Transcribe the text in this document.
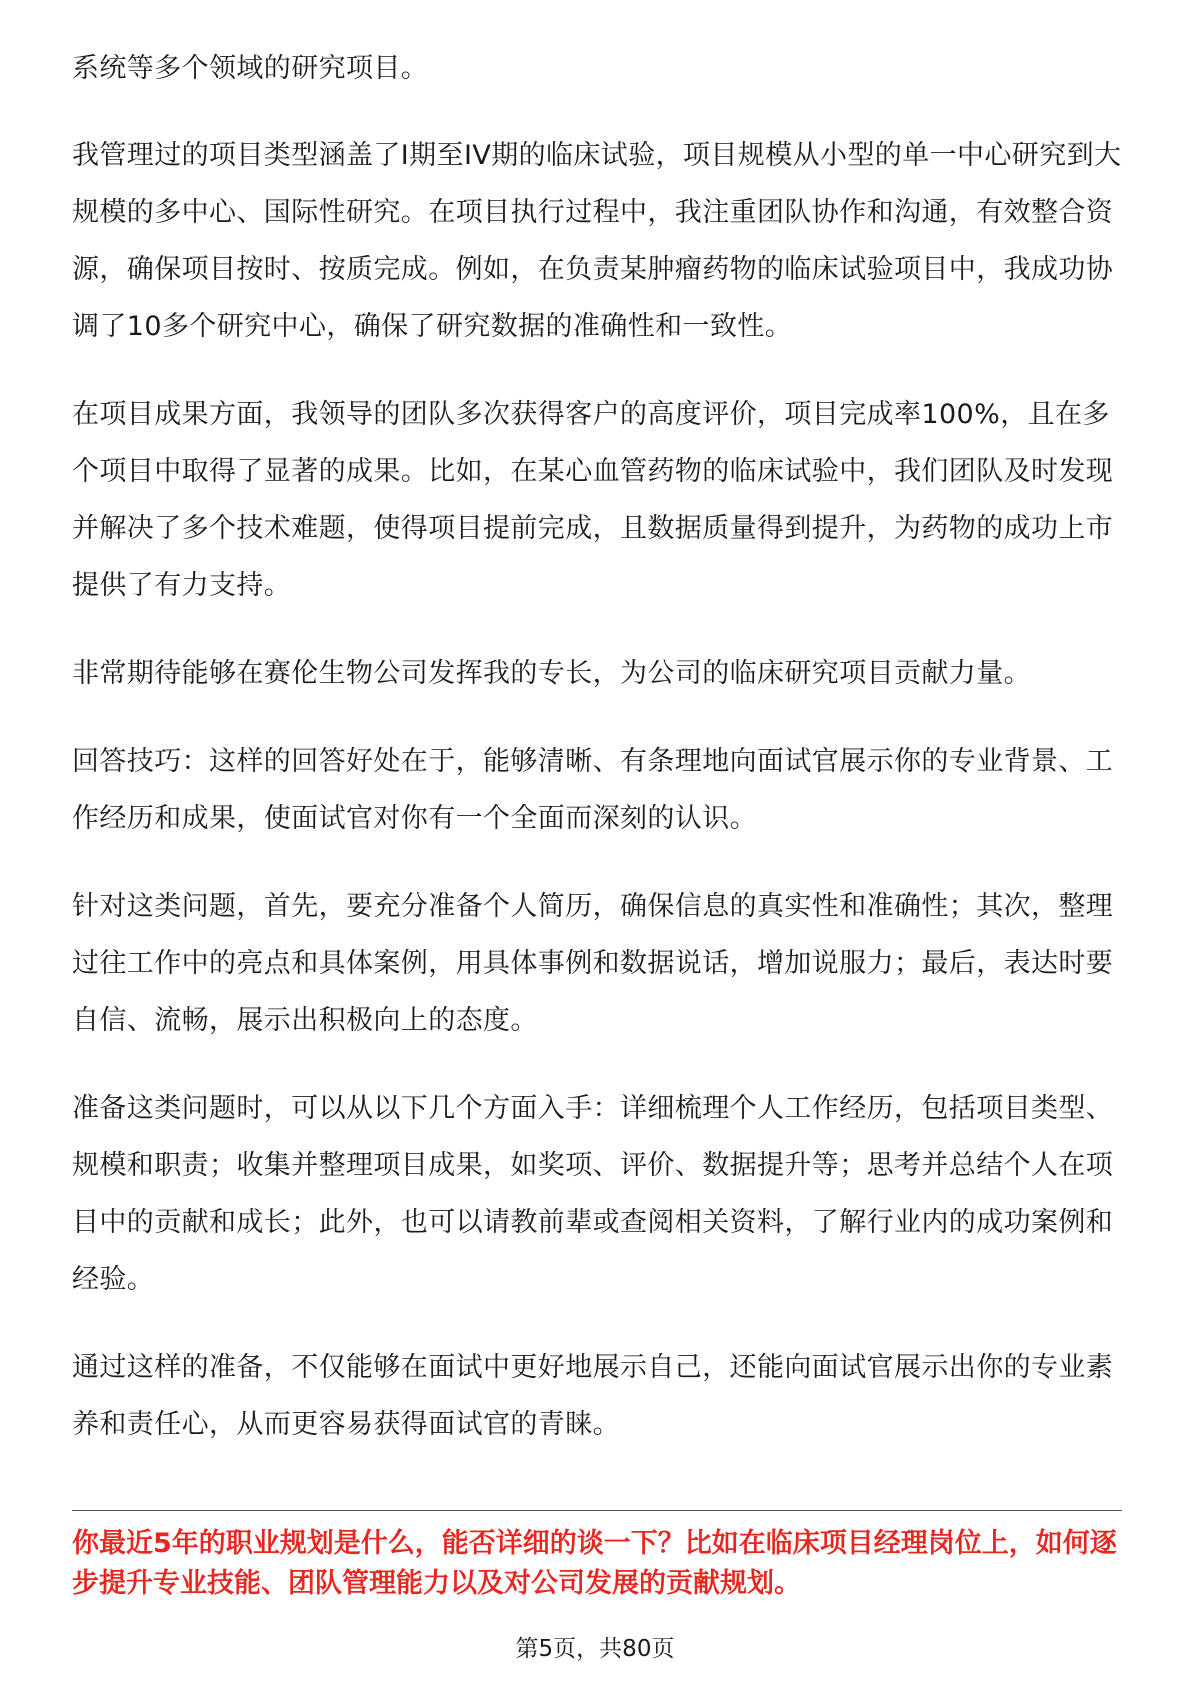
系统等多个领域的研究项目。

我管理过的项目类型涵盖了I期至IV期的临床试验，项目规模从小型的单一中心研究到大规模的多中心、国际性研究。在项目执行过程中，我注重团队协作和沟通，有效整合资源，确保项目按时、按质完成。例如，在负责某肿瘤药物的临床试验项目中，我成功协调了10多个研究中心，确保了研究数据的准确性和一致性。

在项目成果方面，我领导的团队多次获得客户的高度评价，项目完成率100%，且在多个项目中取得了显著的成果。比如，在某心血管药物的临床试验中，我们团队及时发现并解决了多个技术难题，使得项目提前完成，且数据质量得到提升，为药物的成功上市提供了有力支持。

非常期待能够在赛伦生物公司发挥我的专长，为公司的临床研究项目贡献力量。

回答技巧：这样的回答好处在于，能够清晰、有条理地向面试官展示你的专业背景、工作经历和成果，使面试官对你有一个全面而深刻的认识。

针对这类问题，首先，要充分准备个人简历，确保信息的真实性和准确性；其次，整理过往工作中的亮点和具体案例，用具体事例和数据说话，增加说服力；最后，表达时要自信、流畅，展示出积极向上的态度。

准备这类问题时，可以从以下几个方面入手：详细梳理个人工作经历，包括项目类型、规模和职责；收集并整理项目成果，如奖项、评价、数据提升等；思考并总结个人在项目中的贡献和成长；此外，也可以请教前辈或查阅相关资料，了解行业内的成功案例和经验。

通过这样的准备，不仅能够在面试中更好地展示自己，还能向面试官展示出你的专业素养和责任心，从而更容易获得面试官的青睐。

你最近5年的职业规划是什么，能否详细的谈一下？比如在临床项目经理岗位上，如何逐步提升专业技能、团队管理能力以及对公司发展的贡献规划。

第5页，共80页
